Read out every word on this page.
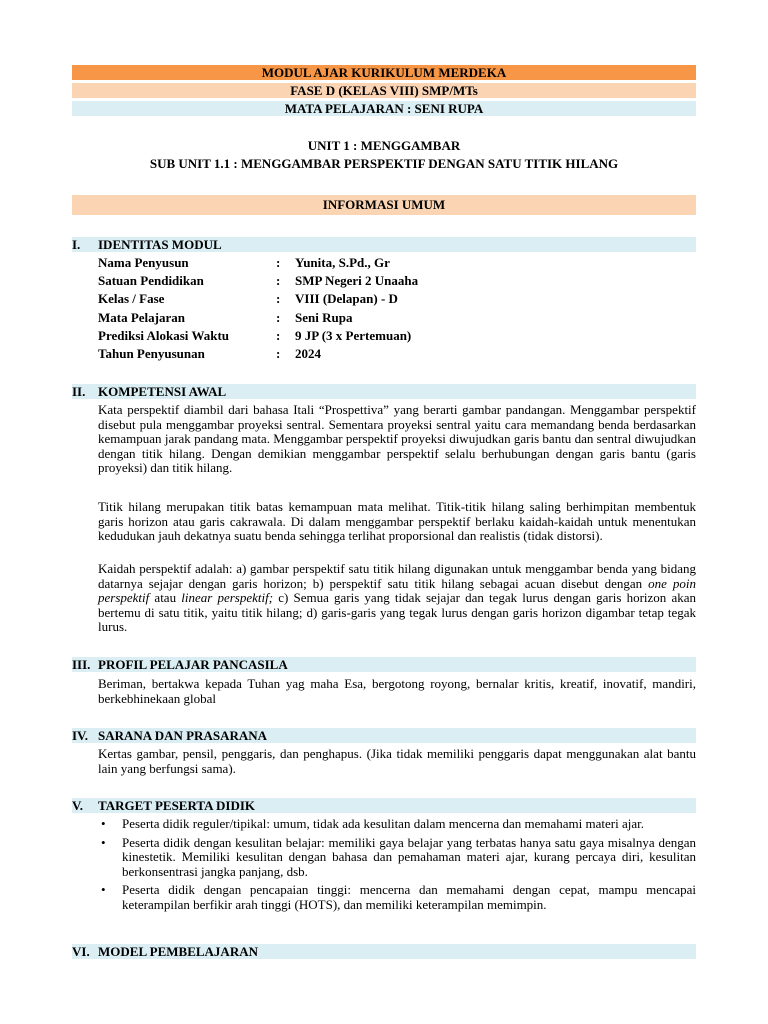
MODUL AJAR KURIKULUM MERDEKA
FASE D (KELAS VIII) SMP/MTs
MATA PELAJARAN : SENI RUPA
UNIT 1 : MENGGAMBAR
SUB UNIT 1.1 : MENGGAMBAR PERSPEKTIF DENGAN SATU TITIK HILANG
INFORMASI UMUM
I. IDENTITAS MODUL
Nama Penyusun	: Yunita, S.Pd., Gr
Satuan Pendidikan	: SMP Negeri 2 Unaaha
Kelas / Fase	: VIII (Delapan) - D
Mata Pelajaran	: Seni Rupa
Prediksi Alokasi Waktu	: 9 JP (3 x Pertemuan)
Tahun Penyusunan	: 2024
II. KOMPETENSI AWAL

Kata perspektif diambil dari bahasa Itali “Prospettiva” yang berarti gambar pandangan. Menggambar perspektif disebut pula menggambar proyeksi sentral. Sementara proyeksi sentral yaitu cara memandang benda berdasarkan kemampuan jarak pandang mata. Menggambar perspektif proyeksi diwujudkan garis bantu dan sentral diwujudkan dengan titik hilang. Dengan demikian menggambar perspektif selalu berhubungan dengan garis bantu (garis proyeksi) dan titik hilang.

Titik hilang merupakan titik batas kemampuan mata melihat. Titik-titik hilang saling berhimpitan membentuk garis horizon atau garis cakrawala. Di dalam menggambar perspektif berlaku kaidah-kaidah untuk menentukan kedudukan jauh dekatnya suatu benda sehingga terlihat proporsional dan realistis (tidak distorsi).

Kaidah perspektif adalah: a) gambar perspektif satu titik hilang digunakan untuk menggambar benda yang bidang datarnya sejajar dengan garis horizon; b) perspektif satu titik hilang sebagai acuan disebut dengan one poin perspektif atau linear perspektif; c) Semua garis yang tidak sejajar dan tegak lurus dengan garis horizon akan bertemu di satu titik, yaitu titik hilang; d) garis-garis yang tegak lurus dengan garis horizon digambar tetap tegak lurus.

III. PROFIL PELAJAR PANCASILA

Beriman, bertakwa kepada Tuhan yag maha Esa, bergotong royong, bernalar kritis, kreatif, inovatif, mandiri, berkebhinekaan global

IV. SARANA DAN PRASARANA

Kertas gambar, pensil, penggaris, dan penghapus. (Jika tidak memiliki penggaris dapat menggunakan alat bantu lain yang berfungsi sama).

V. TARGET PESERTA DIDIK
• Peserta didik reguler/tipikal: umum, tidak ada kesulitan dalam mencerna dan memahami materi ajar.
• Peserta didik dengan kesulitan belajar: memiliki gaya belajar yang terbatas hanya satu gaya misalnya dengan kinestetik. Memiliki kesulitan dengan bahasa dan pemahaman materi ajar, kurang percaya diri, kesulitan berkonsentrasi jangka panjang, dsb.
• Peserta didik dengan pencapaian tinggi: mencerna dan memahami dengan cepat, mampu mencapai keterampilan berfikir arah tinggi (HOTS), dan memiliki keterampilan memimpin.
VI. MODEL PEMBELAJARAN
